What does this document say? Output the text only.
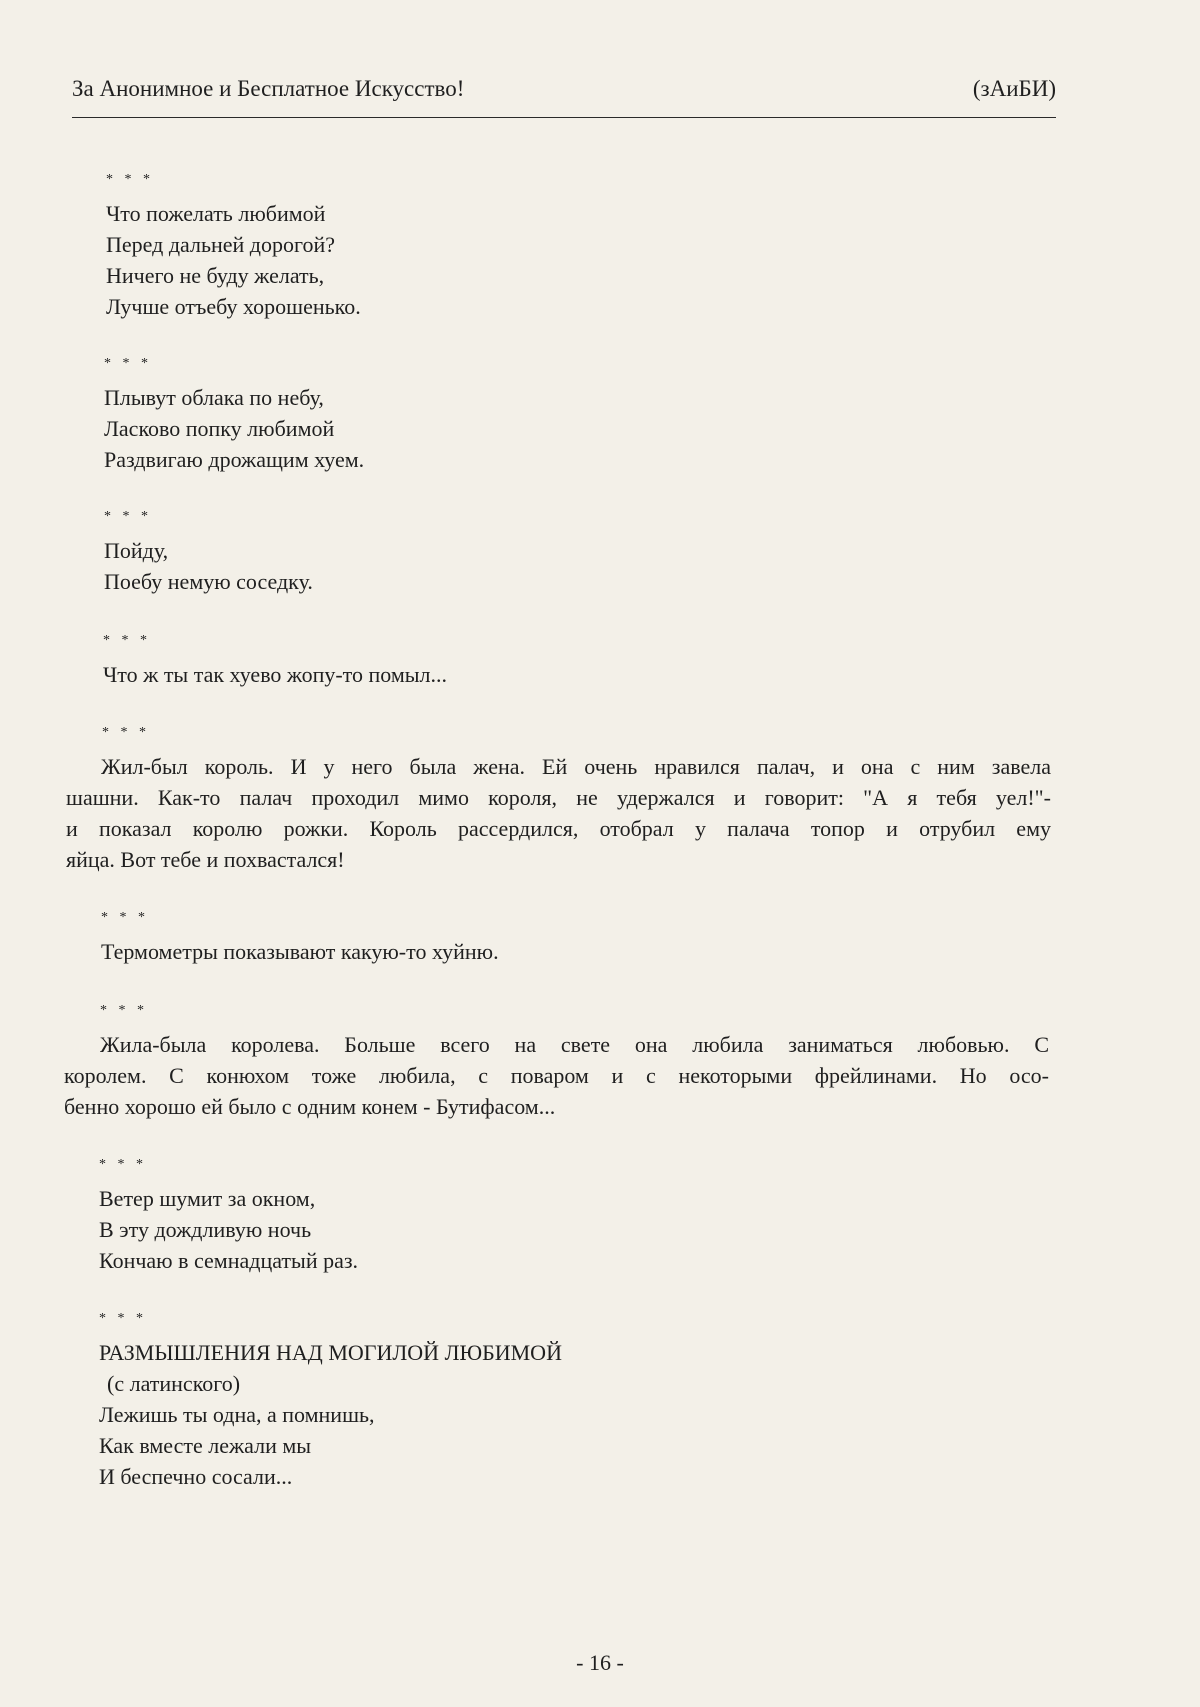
За Анонимное и Бесплатное Искусство!	(зАиБИ)
* * *
Что пожелать любимой
Перед дальней дорогой?
Ничего не буду желать,
Лучше отъебу хорошенько.
* * *
Плывут облака по небу,
Ласково попку любимой
Раздвигаю дрожащим хуем.
* * *
Пойду,
Поебу немую соседку.
* * *
Что ж ты так хуево жопу-то помыл...
* * *
Жил-был король. И у него была жена. Ей очень нравился палач, и она с ним завела
шашни. Как-то палач проходил мимо короля, не удержался и говорит: "А я тебя уел!"-
и показал королю рожки. Король рассердился, отобрал у палача топор и отрубил ему
яйца. Вот тебе и похвастался!
* * *
Термометры показывают какую-то хуйню.
* * *
Жила-была королева. Больше всего на свете она любила заниматься любовью. С
королем. С конюхом тоже любила, с поваром и с некоторыми фрейлинами. Но осо-
бенно хорошо ей было с одним конем - Бутифасом...
* * *
Ветер шумит за окном,
В эту дождливую ночь
Кончаю в семнадцатый раз.
* * *
РАЗМЫШЛЕНИЯ НАД МОГИЛОЙ ЛЮБИМОЙ
(с латинского)
Лежишь ты одна, а помнишь,
Как вместе лежали мы
И беспечно сосали...
- 16 -
